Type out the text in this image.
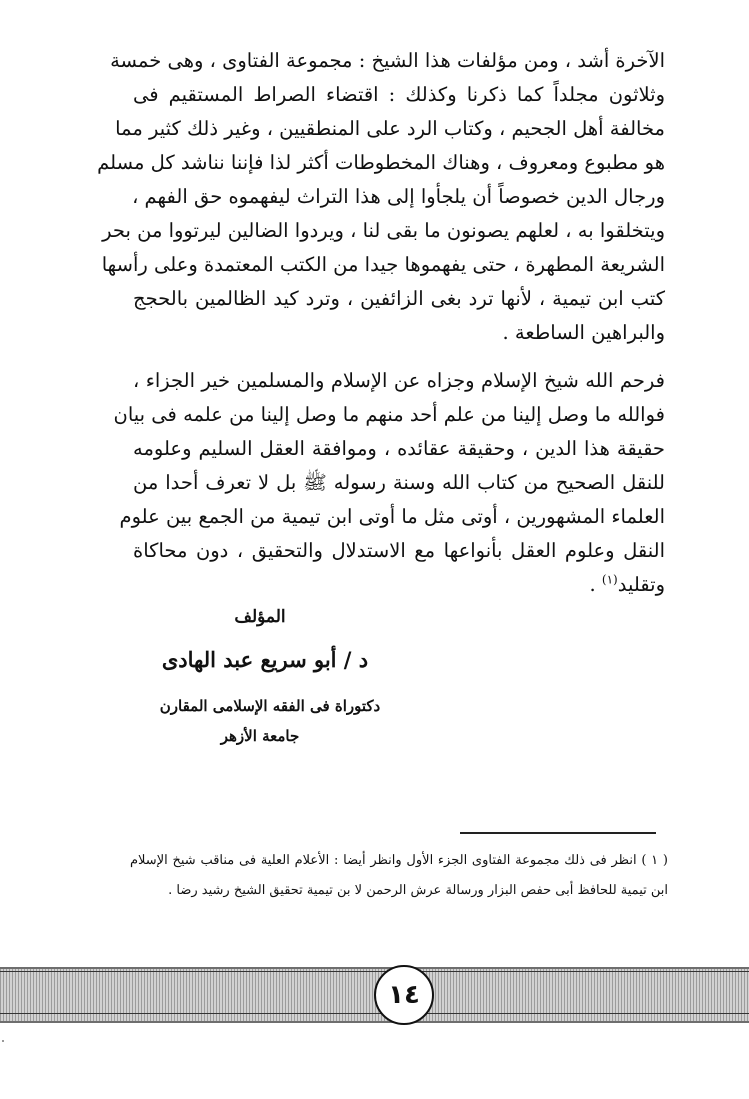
الآخرة أشد ، ومن مؤلفات هذا الشيخ : مجموعة الفتاوى ، وهى خمسة
وثلاثون مجلداً كما ذكرنا وكذلك : اقتضاء الصراط المستقيم فى
مخالفة أهل الجحيم ، وكتاب الرد على المنطقيين ، وغير ذلك كثير مما
هو مطبوع ومعروف ، وهناك المخطوطات أكثر لذا فإننا نناشد كل مسلم
ورجال الدين خصوصاً أن يلجأوا إلى هذا التراث ليفهموه حق الفهم ،
ويتخلقوا به ، لعلهم يصونون ما بقى لنا ، ويردوا الضالين ليرتووا من بحر
الشريعة المطهرة ، حتى يفهموها جيدا من الكتب المعتمدة وعلى رأسها
كتب ابن تيمية ، لأنها ترد بغى الزائفين ، وترد كيد الظالمين بالحجج
والبراهين الساطعة .
فرحم الله شيخ الإسلام وجزاه عن الإسلام والمسلمين خير الجزاء ،
فوالله ما وصل إلينا من علم أحد منهم ما وصل إلينا من علمه فى بيان
حقيقة هذا الدين ، وحقيقة عقائده ، وموافقة العقل السليم وعلومه
للنقل الصحيح من كتاب الله وسنة رسوله ﷺ بل لا تعرف أحدا من
العلماء المشهورين ، أوتى مثل ما أوتى ابن تيمية من الجمع بين علوم
النقل وعلوم العقل بأنواعها مع الاستدلال والتحقيق ، دون محاكاة
وتقليد$^{(١)}$ .
المؤلف
د / أبو سريع عبد الهادى
دكتوراة فى الفقه الإسلامى المقارن
جامعة الأزهر
( ١ ) انظر فى ذلك مجموعة الفتاوى الجزء الأول وانظر أيضا : الأعلام العلية فى مناقب شيخ الإسلام ابن تيمية للحافظ أبى حفص البزار ورسالة عرش الرحمن لا بن تيمية تحقيق الشيخ رشيد رضا .
١٤
